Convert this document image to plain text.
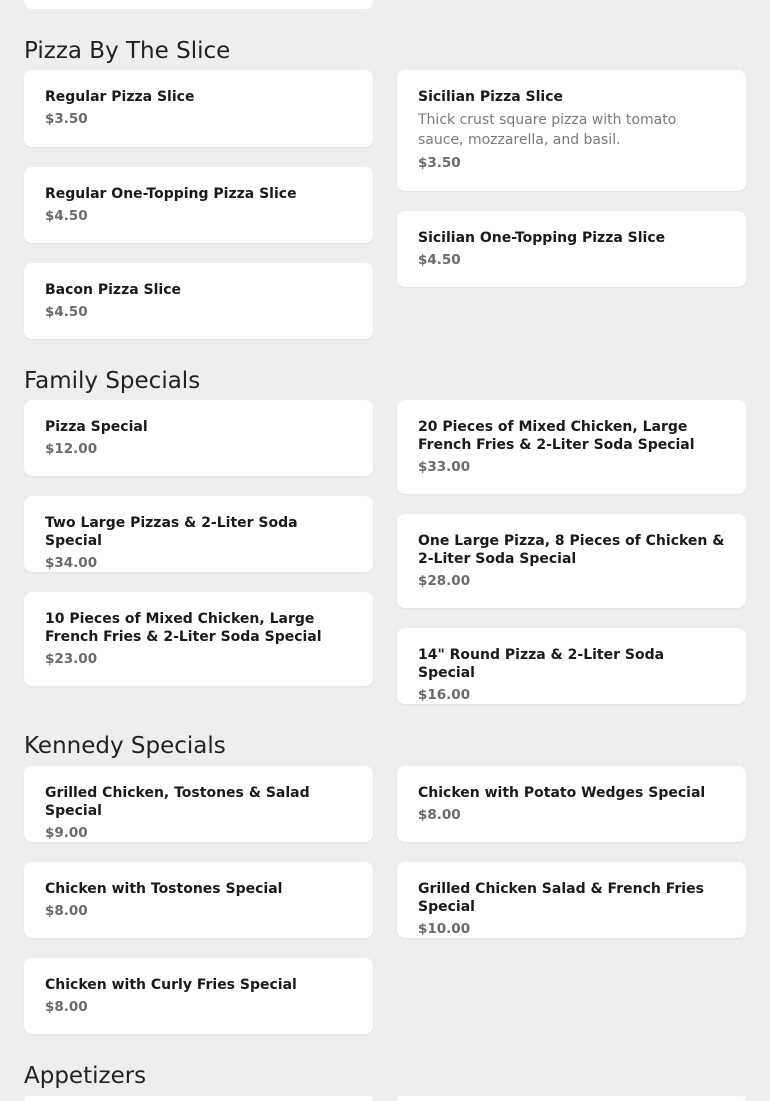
Pizza By The Slice
Regular Pizza Slice
$3.50
Sicilian Pizza Slice
Thick crust square pizza with tomato sauce, mozzarella, and basil.
$3.50
Regular One-Topping Pizza Slice
$4.50
Sicilian One-Topping Pizza Slice
$4.50
Bacon Pizza Slice
$4.50
Family Specials
Pizza Special
$12.00
20 Pieces of Mixed Chicken, Large French Fries & 2-Liter Soda Special
$33.00
Two Large Pizzas & 2-Liter Soda Special
$34.00
One Large Pizza, 8 Pieces of Chicken & 2-Liter Soda Special
$28.00
10 Pieces of Mixed Chicken, Large French Fries & 2-Liter Soda Special
$23.00	14" Round Pizza & 2-Liter Soda Special
$16.00
Kennedy Specials
Grilled Chicken, Tostones & Salad Special
$9.00
Chicken with Potato Wedges Special
$8.00
Chicken with Tostones Special
$8.00
Grilled Chicken Salad & French Fries Special
$10.00
Chicken with Curly Fries Special
$8.00
Appetizers
